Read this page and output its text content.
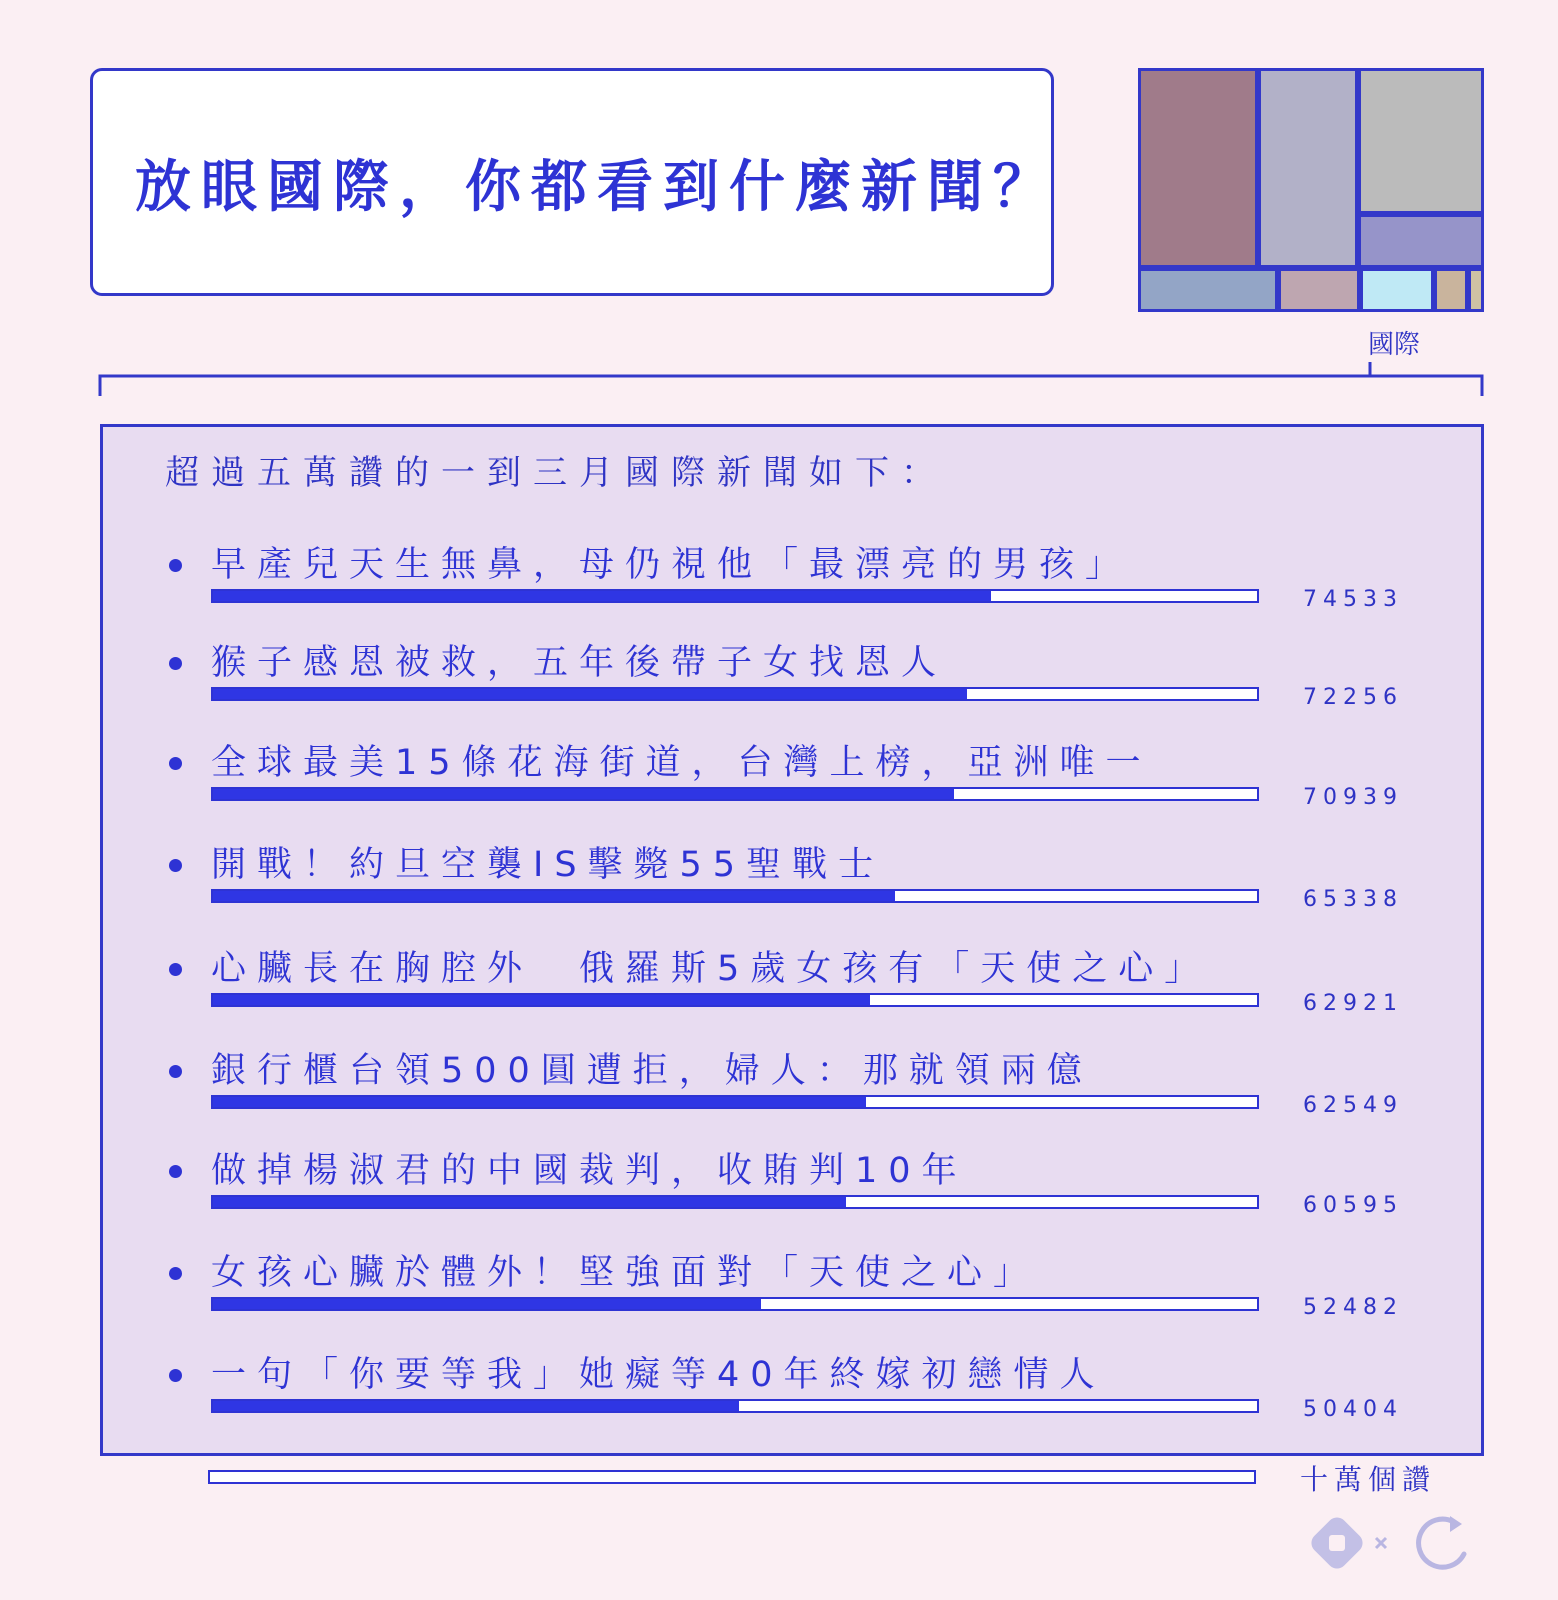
放眼國際，你都看到什麼新聞？
國際
超過五萬讚的一到三月國際新聞如下：
早產兒天生無鼻，母仍視他「最漂亮的男孩」
74533
猴子感恩被救，五年後帶子女找恩人
72256
全球最美15條花海街道，台灣上榜，亞洲唯一
70939
開戰！約旦空襲IS擊斃55聖戰士
65338
心臟長在胸腔外　俄羅斯5歲女孩有「天使之心」
62921
銀行櫃台領500圓遭拒，婦人：那就領兩億
62549
做掉楊淑君的中國裁判，收賄判10年
60595
女孩心臟於體外！堅強面對「天使之心」
52482
一句「你要等我」她癡等40年終嫁初戀情人
50404
十萬個讚
